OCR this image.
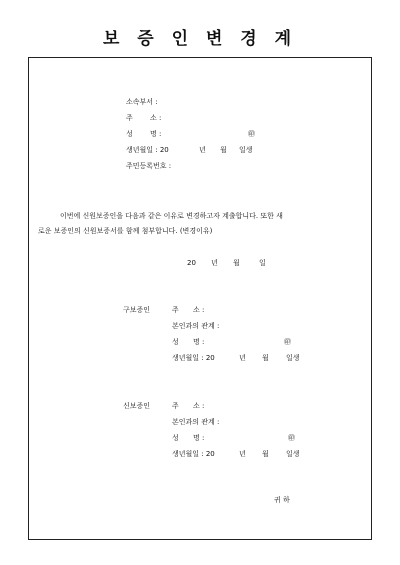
보 증 인 변 경 계
소속부서 :
주 소 :
성 명 :	㊞
생년월일 : 20	년 월 일생
주민등록번호 :
이번에 신원보증인을 다음과 같은 이유로 변경하고자 계출합니다. 또한 새
로운 보증인의 신원보증서를 함께 첨부합니다. (변경이유)
20 년 월	일
구보증인	주 소 :
본인과의 관계 :
성 명 :	㊞
생년월일 : 20	년 월 일생
신보증인	주 소 :
본인과의 관계 :
성 명 :	㊞
생년월일 : 20	년 월 일생
귀 하
